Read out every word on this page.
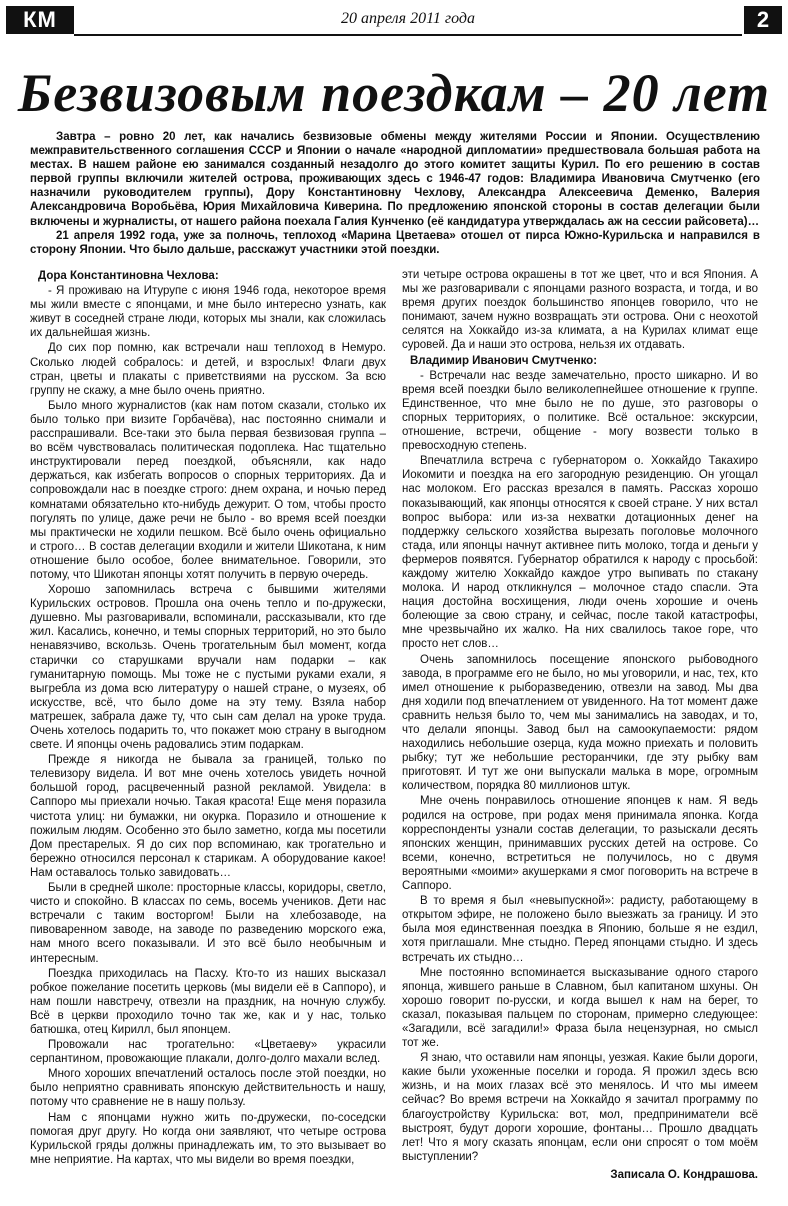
КМ	20 апреля 2011 года	2
Безвизовым поездкам – 20 лет

Завтра – ровно 20 лет, как начались безвизовые обмены между жителями России и Японии. Осуществлению межправительственного соглашения СССР и Японии о начале «народной дипломатии» предшествовала большая работа на местах. В нашем районе ею занимался созданный незадолго до этого комитет защиты Курил. По его решению в состав первой группы включили жителей острова, проживающих здесь с 1946-47 годов: Владимира Ивановича Смутченко (его назначили руководителем группы), Дору Константиновну Чехлову, Александра Алексеевича Деменко, Валерия Александровича Воробьёва, Юрия Михайловича Киверина. По предложению японской стороны в состав делегации были включены и журналисты, от нашего района поехала Галия Кунченко (её кандидатура утверждалась аж на сессии райсовета)…

21 апреля 1992 года, уже за полночь, теплоход «Марина Цветаева» отошел от пирса Южно-Курильска и направился в сторону Японии. Что было дальше, расскажут участники этой поездки.

Дора Константиновна Чехлова:

- Я проживаю на Итурупе с июня 1946 года, некоторое время мы жили вместе с японцами, и мне было интересно узнать, как живут в соседней стране люди, которых мы знали, как сложилась их дальнейшая жизнь.

До сих пор помню, как встречали наш теплоход в Немуро. Сколько людей собралось: и детей, и взрослых! Флаги двух стран, цветы и плакаты с приветствиями на русском. За всю группу не скажу, а мне было очень приятно.

Было много журналистов (как нам потом сказали, столько их было только при визите Горбачёва), нас постоянно снимали и расспрашивали. Все-таки это была первая безвизовая группа – во всём чувствовалась политическая подоплека. Нас тщательно инструктировали перед поездкой, объясняли, как надо держаться, как избегать вопросов о спорных территориях. Да и сопровождали нас в поездке строго: днем охрана, и ночью перед комнатами обязательно кто-нибудь дежурит. О том, чтобы просто погулять по улице, даже речи не было - во время всей поездки мы практически не ходили пешком. Всё было очень официально и строго… В состав делегации входили и жители Шикотана, к ним отношение было особое, более внимательное. Говорили, это потому, что Шикотан японцы хотят получить в первую очередь.

Хорошо запомнилась встреча с бывшими жителями Курильских островов. Прошла она очень тепло и по-дружески, душевно. Мы разговаривали, вспоминали, рассказывали, кто где жил. Касались, конечно, и темы спорных территорий, но это было ненавязчиво, вскользь. Очень трогательным был момент, когда старички со старушками вручали нам подарки – как гуманитарную помощь. Мы тоже не с пустыми руками ехали, я выгребла из дома всю литературу о нашей стране, о музеях, об искусстве, всё, что было доме на эту тему. Взяла набор матрешек, забрала даже ту, что сын сам делал на уроке труда. Очень хотелось подарить то, что покажет мою страну в выгодном свете. И японцы очень радовались этим подаркам.

Прежде я никогда не бывала за границей, только по телевизору видела. И вот мне очень хотелось увидеть ночной большой город, расцвеченный разной рекламой. Увидела: в Саппоро мы приехали ночью. Такая красота! Еще меня поразила чистота улиц: ни бумажки, ни окурка. Поразило и отношение к пожилым людям. Особенно это было заметно, когда мы посетили Дом престарелых. Я до сих пор вспоминаю, как трогательно и бережно относился персонал к старикам. А оборудование какое! Нам оставалось только завидовать…

Были в средней школе: просторные классы, коридоры, светло, чисто и спокойно. В классах по семь, восемь учеников. Дети нас встречали с таким восторгом! Были на хлебозаводе, на пивоваренном заводе, на заводе по разведению морского ежа, нам много всего показывали. И это всё было необычным и интересным.

Поездка приходилась на Пасху. Кто-то из наших высказал робкое пожелание посетить церковь (мы видели её в Саппоро), и нам пошли навстречу, отвезли на праздник, на ночную службу. Всё в церкви проходило точно так же, как и у нас, только батюшка, отец Кирилл, был японцем.

Провожали нас трогательно: «Цветаеву» украсили серпантином, провожающие плакали, долго-долго махали вслед.

Много хороших впечатлений осталось после этой поездки, но было неприятно сравнивать японскую действительность и нашу, потому что сравнение не в нашу пользу.

Нам с японцами нужно жить по-дружески, по-соседски помогая друг другу. Но когда они заявляют, что четыре острова Курильской гряды должны принадлежать им, то это вызывает во мне неприятие. На картах, что мы видели во время поездки,

эти четыре острова окрашены в тот же цвет, что и вся Япония. А мы же разговаривали с японцами разного возраста, и тогда, и во время других поездок большинство японцев говорило, что не понимают, зачем нужно возвращать эти острова. Они с неохотой селятся на Хоккайдо из-за климата, а на Курилах климат еще суровей. Да и наши это острова, нельзя их отдавать.

Владимир Иванович Смутченко:

- Встречали нас везде замечательно, просто шикарно. И во время всей поездки было великолепнейшее отношение к группе. Единственное, что мне было не по душе, это разговоры о спорных территориях, о политике. Всё остальное: экскурсии, отношение, встречи, общение - могу возвести только в превосходную степень.

Впечатлила встреча с губернатором о. Хоккайдо Такахиро Иокомити и поездка на его загородную резиденцию. Он угощал нас молоком. Его рассказ врезался в память. Рассказ хорошо показывающий, как японцы относятся к своей стране. У них встал вопрос выбора: или из-за нехватки дотационных денег на поддержку сельского хозяйства вырезать поголовье молочного стада, или японцы начнут активнее пить молоко, тогда и деньги у фермеров появятся. Губернатор обратился к народу с просьбой: каждому жителю Хоккайдо каждое утро выпивать по стакану молока. И народ откликнулся – молочное стадо спасли. Эта нация достойна восхищения, люди очень хорошие и очень болеющие за свою страну, и сейчас, после такой катастрофы, мне чрезвычайно их жалко. На них свалилось такое горе, что просто нет слов…

Очень запомнилось посещение японского рыбоводного завода, в программе его не было, но мы уговорили, и нас, тех, кто имел отношение к рыборазведению, отвезли на завод. Мы два дня ходили под впечатлением от увиденного. На тот момент даже сравнить нельзя было то, чем мы занимались на заводах, и то, что делали японцы. Завод был на самоокупаемости: рядом находились небольшие озерца, куда можно приехать и половить рыбку; тут же небольшие ресторанчики, где эту рыбку вам приготовят. И тут же они выпускали малька в море, огромным количеством, порядка 80 миллионов штук.

Мне очень понравилось отношение японцев к нам. Я ведь родился на острове, при родах меня принимала японка. Когда корреспонденты узнали состав делегации, то разыскали десять японских женщин, принимавших русских детей на острове. Со всеми, конечно, встретиться не получилось, но с двумя вероятными «моими» акушерками я смог поговорить на встрече в Саппоро.

В то время я был «невыпускной»: радисту, работающему в открытом эфире, не положено было выезжать за границу. И это была моя единственная поездка в Японию, больше я не ездил, хотя приглашали. Мне стыдно. Перед японцами стыдно. И здесь встречать их стыдно…

Мне постоянно вспоминается высказывание одного старого японца, жившего раньше в Славном, был капитаном шхуны. Он хорошо говорит по-русски, и когда вышел к нам на берег, то сказал, показывая пальцем по сторонам, примерно следующее: «Загадили, всё загадили!» Фраза была нецензурная, но смысл тот же.

Я знаю, что оставили нам японцы, уезжая. Какие были дороги, какие были ухоженные поселки и города. Я прожил здесь всю жизнь, и на моих глазах всё это менялось. И что мы имеем сейчас? Во время встречи на Хоккайдо я зачитал программу по благоустройству Курильска: вот, мол, предприниматели всё выстроят, будут дороги хорошие, фонтаны… Прошло двадцать лет! Что я могу сказать японцам, если они спросят о том моём выступлении?

Записала О. Кондрашова.
